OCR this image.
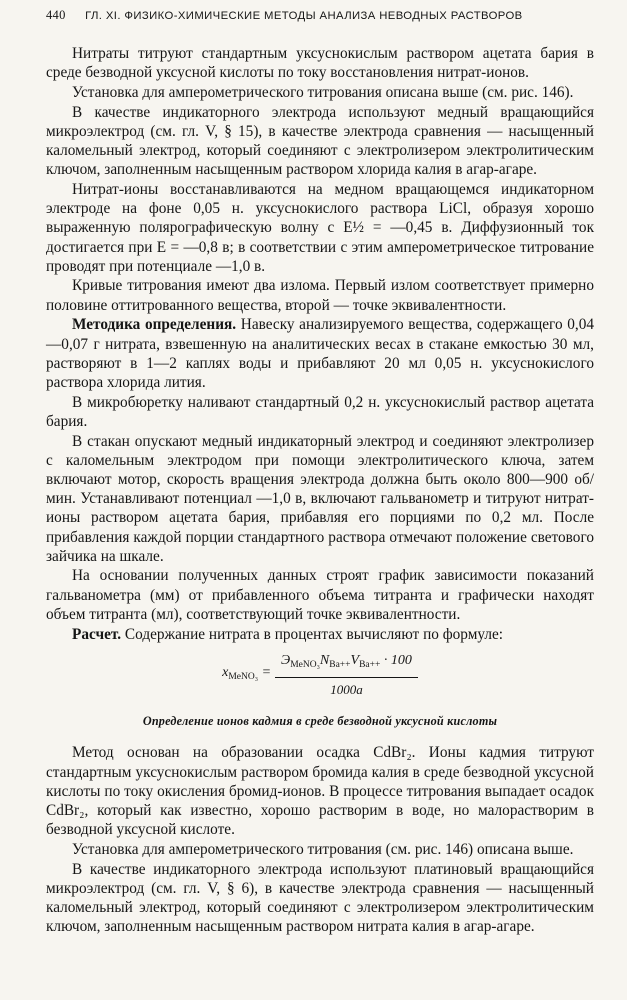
440 ГЛ. XI. ФИЗИКО-ХИМИЧЕСКИЕ МЕТОДЫ АНАЛИЗА НЕВОДНЫХ РАСТВОРОВ

Нитраты титруют стандартным уксуснокислым раствором ацетата бария в среде безводной уксусной кислоты по току восстановления нитрат-ионов.

Установка для амперометрического титрования описана выше (см. рис. 146).

В качестве индикаторного электрода используют медный вращающийся микроэлектрод (см. гл. V, § 15), в качестве электрода сравнения — насыщенный каломельный электрод, который соединяют с электролизером электролитическим ключом, заполненным насыщенным раствором хлорида калия в агар-агаре.

Нитрат-ионы восстанавливаются на медном вращающемся индикаторном электроде на фоне 0,05 н. уксуснокислого раствора LiCl, образуя хорошо выраженную полярографическую волну с E½ = —0,45 в. Диффузионный ток достигается при E = —0,8 в; в соответствии с этим амперометрическое титрование проводят при потенциале —1,0 в.

Кривые титрования имеют два излома. Первый излом соответствует примерно половине оттитрованного вещества, второй — точке эквивалентности.

Методика определения. Навеску анализируемого вещества, содержащего 0,04—0,07 г нитрата, взвешенную на аналитических весах в стакане емкостью 30 мл, растворяют в 1—2 каплях воды и прибавляют 20 мл 0,05 н. уксуснокислого раствора хлорида лития.

В микробюретку наливают стандартный 0,2 н. уксуснокислый раствор ацетата бария.

В стакан опускают медный индикаторный электрод и соединяют электролизер с каломельным электродом при помощи электролитического ключа, затем включают мотор, скорость вращения электрода должна быть около 800—900 об/мин. Устанавливают потенциал —1,0 в, включают гальванометр и титруют нитрат-ионы раствором ацетата бария, прибавляя его порциями по 0,2 мл. После прибавления каждой порции стандартного раствора отмечают положение светового зайчика на шкале.

На основании полученных данных строят график зависимости показаний гальванометра (мм) от прибавленного объема титранта и графически находят объем титранта (мл), соответствующий точке эквивалентности.

Расчет. Содержание нитрата в процентах вычисляют по формуле:

$x_{MeNO_3} = \frac{Э_{MeNO_3}N_{Ba++}V_{Ba++} \cdot 100}{1000a}$
Определение ионов кадмия в среде безводной уксусной кислоты

Метод основан на образовании осадка CdBr₂. Ионы кадмия титруют стандартным уксуснокислым раствором бромида калия в среде безводной уксусной кислоты по току окисления бромид-ионов. В процессе титрования выпадает осадок CdBr₂, который как известно, хорошо растворим в воде, но малорастворим в безводной уксусной кислоте.

Установка для амперометрического титрования (см. рис. 146) описана выше.

В качестве индикаторного электрода используют платиновый вращающийся микроэлектрод (см. гл. V, § 6), в качестве электрода сравнения — насыщенный каломельный электрод, который соединяют с электролизером электролитическим ключом, заполненным насыщенным раствором нитрата калия в агар-агаре.
